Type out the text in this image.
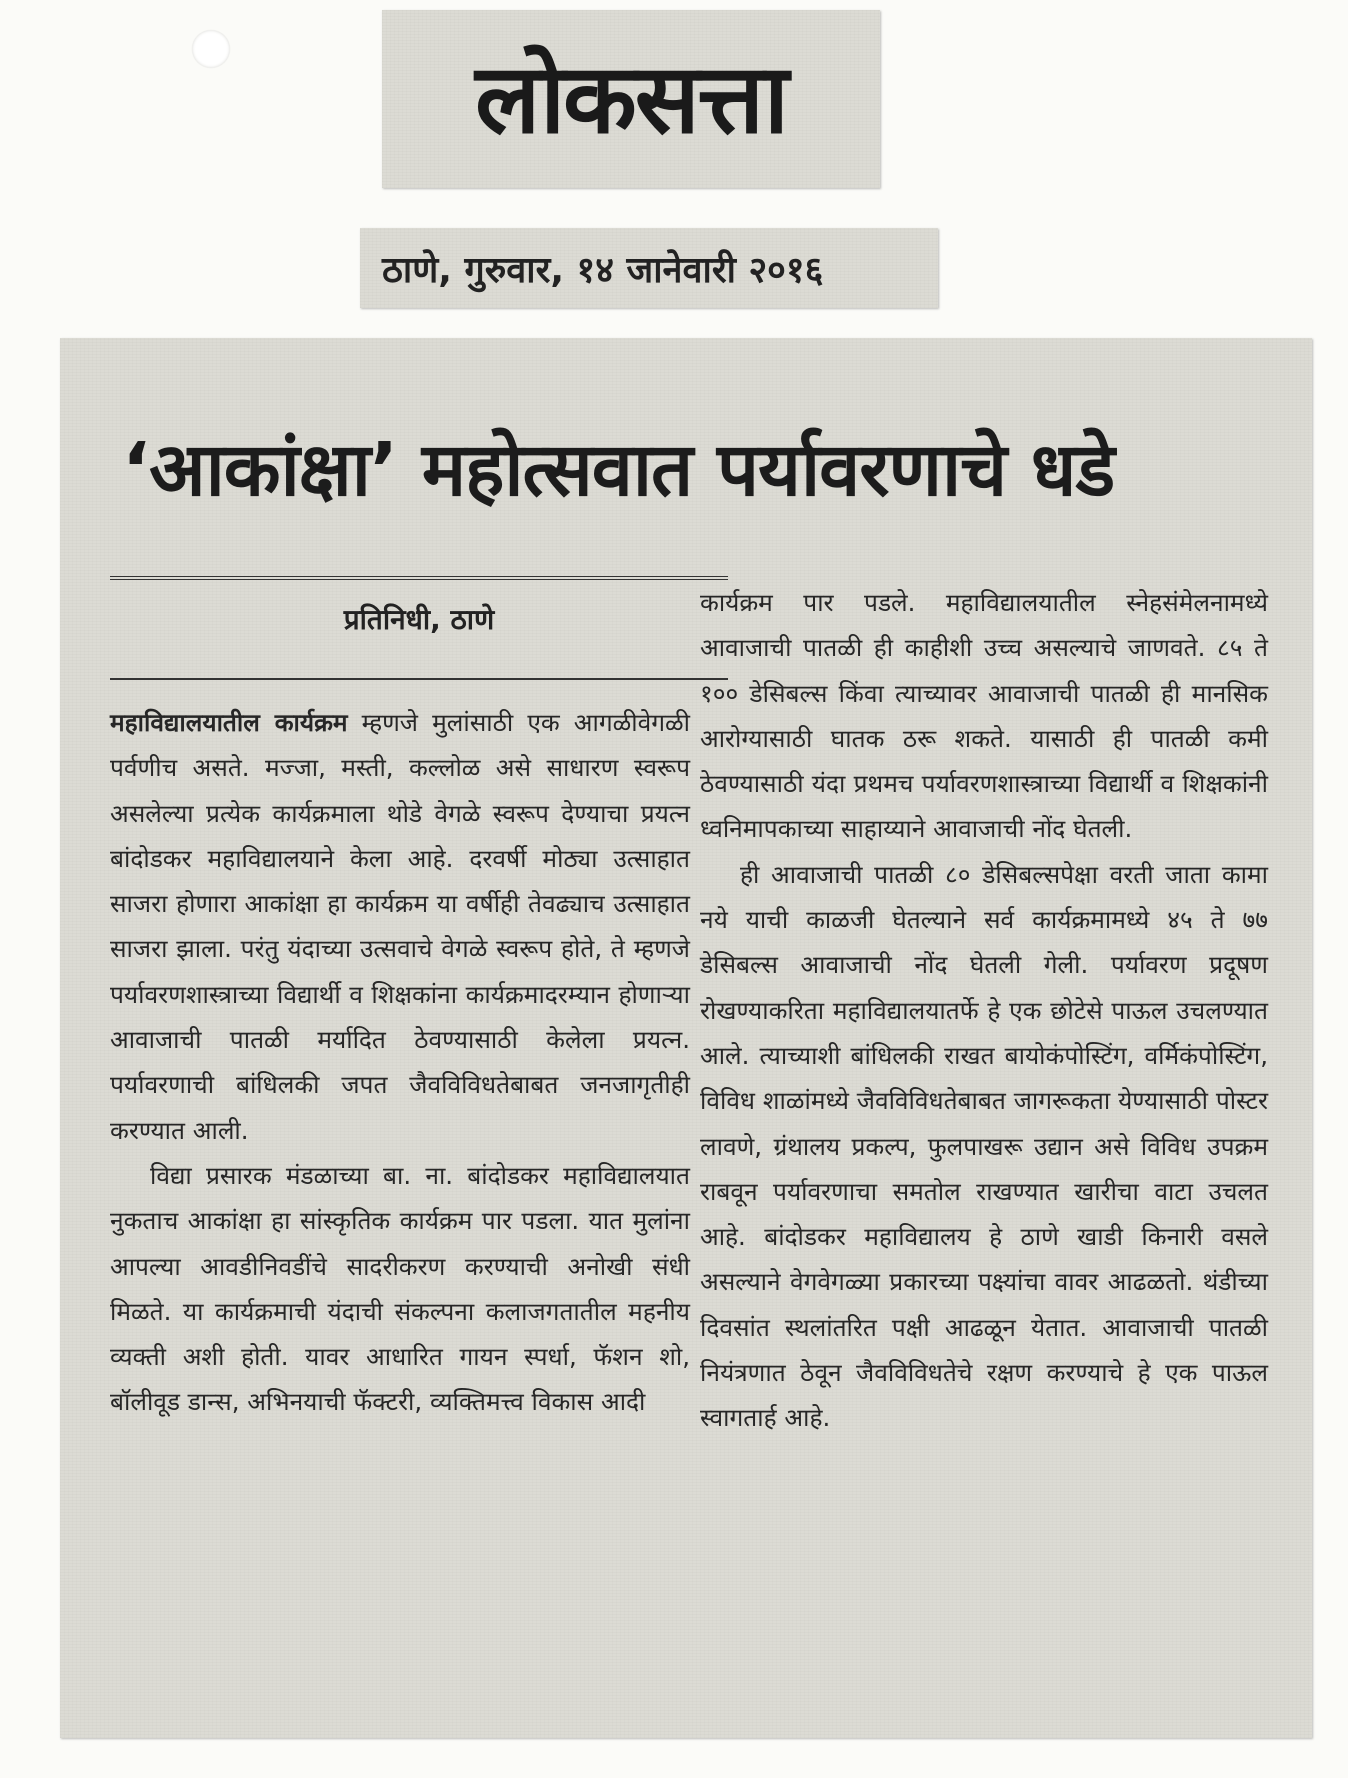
लोकसत्ता
ठाणे, गुरुवार, १४ जानेवारी २०१६
‘आकांक्षा’ महोत्सवात पर्यावरणाचे धडे
प्रतिनिधी, ठाणे

महाविद्यालयातील कार्यक्रम म्हणजे मुलांसाठी एक आगळीवेगळी पर्वणीच असते. मज्जा, मस्ती, कल्लोळ असे साधारण स्वरूप असलेल्या प्रत्येक कार्यक्रमाला थोडे वेगळे स्वरूप देण्याचा प्रयत्न बांदोडकर महाविद्यालयाने केला आहे. दरवर्षी मोठ्या उत्साहात साजरा होणारा आकांक्षा हा कार्यक्रम या वर्षीही तेवढ्याच उत्साहात साजरा झाला. परंतु यंदाच्या उत्सवाचे वेगळे स्वरूप होते, ते म्हणजे पर्यावरणशास्त्राच्या विद्यार्थी व शिक्षकांना कार्यक्रमादरम्यान होणाऱ्या आवाजाची पातळी मर्यादित ठेवण्यासाठी केलेला प्रयत्न. पर्यावरणाची बांधिलकी जपत जैवविविधतेबाबत जनजागृतीही करण्यात आली.

विद्या प्रसारक मंडळाच्या बा. ना. बांदोडकर महाविद्यालयात नुकताच आकांक्षा हा सांस्कृतिक कार्यक्रम पार पडला. यात मुलांना आपल्या आवडीनिवडींचे सादरीकरण करण्याची अनोखी संधी मिळते. या कार्यक्रमाची यंदाची संकल्पना कलाजगतातील महनीय व्यक्ती अशी होती. यावर आधारित गायन स्पर्धा, फॅशन शो, बॉलीवूड डान्स, अभिनयाची फॅक्टरी, व्यक्तिमत्त्व विकास आदी

कार्यक्रम पार पडले. महाविद्यालयातील स्नेहसंमेलनामध्ये आवाजाची पातळी ही काहीशी उच्च असल्याचे जाणवते. ८५ ते १०० डेसिबल्स किंवा त्याच्यावर आवाजाची पातळी ही मानसिक आरोग्यासाठी घातक ठरू शकते. यासाठी ही पातळी कमी ठेवण्यासाठी यंदा प्रथमच पर्यावरणशास्त्राच्या विद्यार्थी व शिक्षकांनी ध्वनिमापकाच्या साहाय्याने आवाजाची नोंद घेतली.

ही आवाजाची पातळी ८० डेसिबल्सपेक्षा वरती जाता कामा नये याची काळजी घेतल्याने सर्व कार्यक्रमामध्ये ४५ ते ७७ डेसिबल्स आवाजाची नोंद घेतली गेली. पर्यावरण प्रदूषण रोखण्याकरिता महाविद्यालयातर्फे हे एक छोटेसे पाऊल उचलण्यात आले. त्याच्याशी बांधिलकी राखत बायोकंपोस्टिंग, वर्मिकंपोस्टिंग, विविध शाळांमध्ये जैवविविधतेबाबत जागरूकता येण्यासाठी पोस्टर लावणे, ग्रंथालय प्रकल्प, फुलपाखरू उद्यान असे विविध उपक्रम राबवून पर्यावरणाचा समतोल राखण्यात खारीचा वाटा उचलत आहे. बांदोडकर महाविद्यालय हे ठाणे खाडी किनारी वसले असल्याने वेगवेगळ्या प्रकारच्या पक्ष्यांचा वावर आढळतो. थंडीच्या दिवसांत स्थलांतरित पक्षी आढळून येतात. आवाजाची पातळी नियंत्रणात ठेवून जैवविविधतेचे रक्षण करण्याचे हे एक पाऊल स्वागतार्ह आहे.
